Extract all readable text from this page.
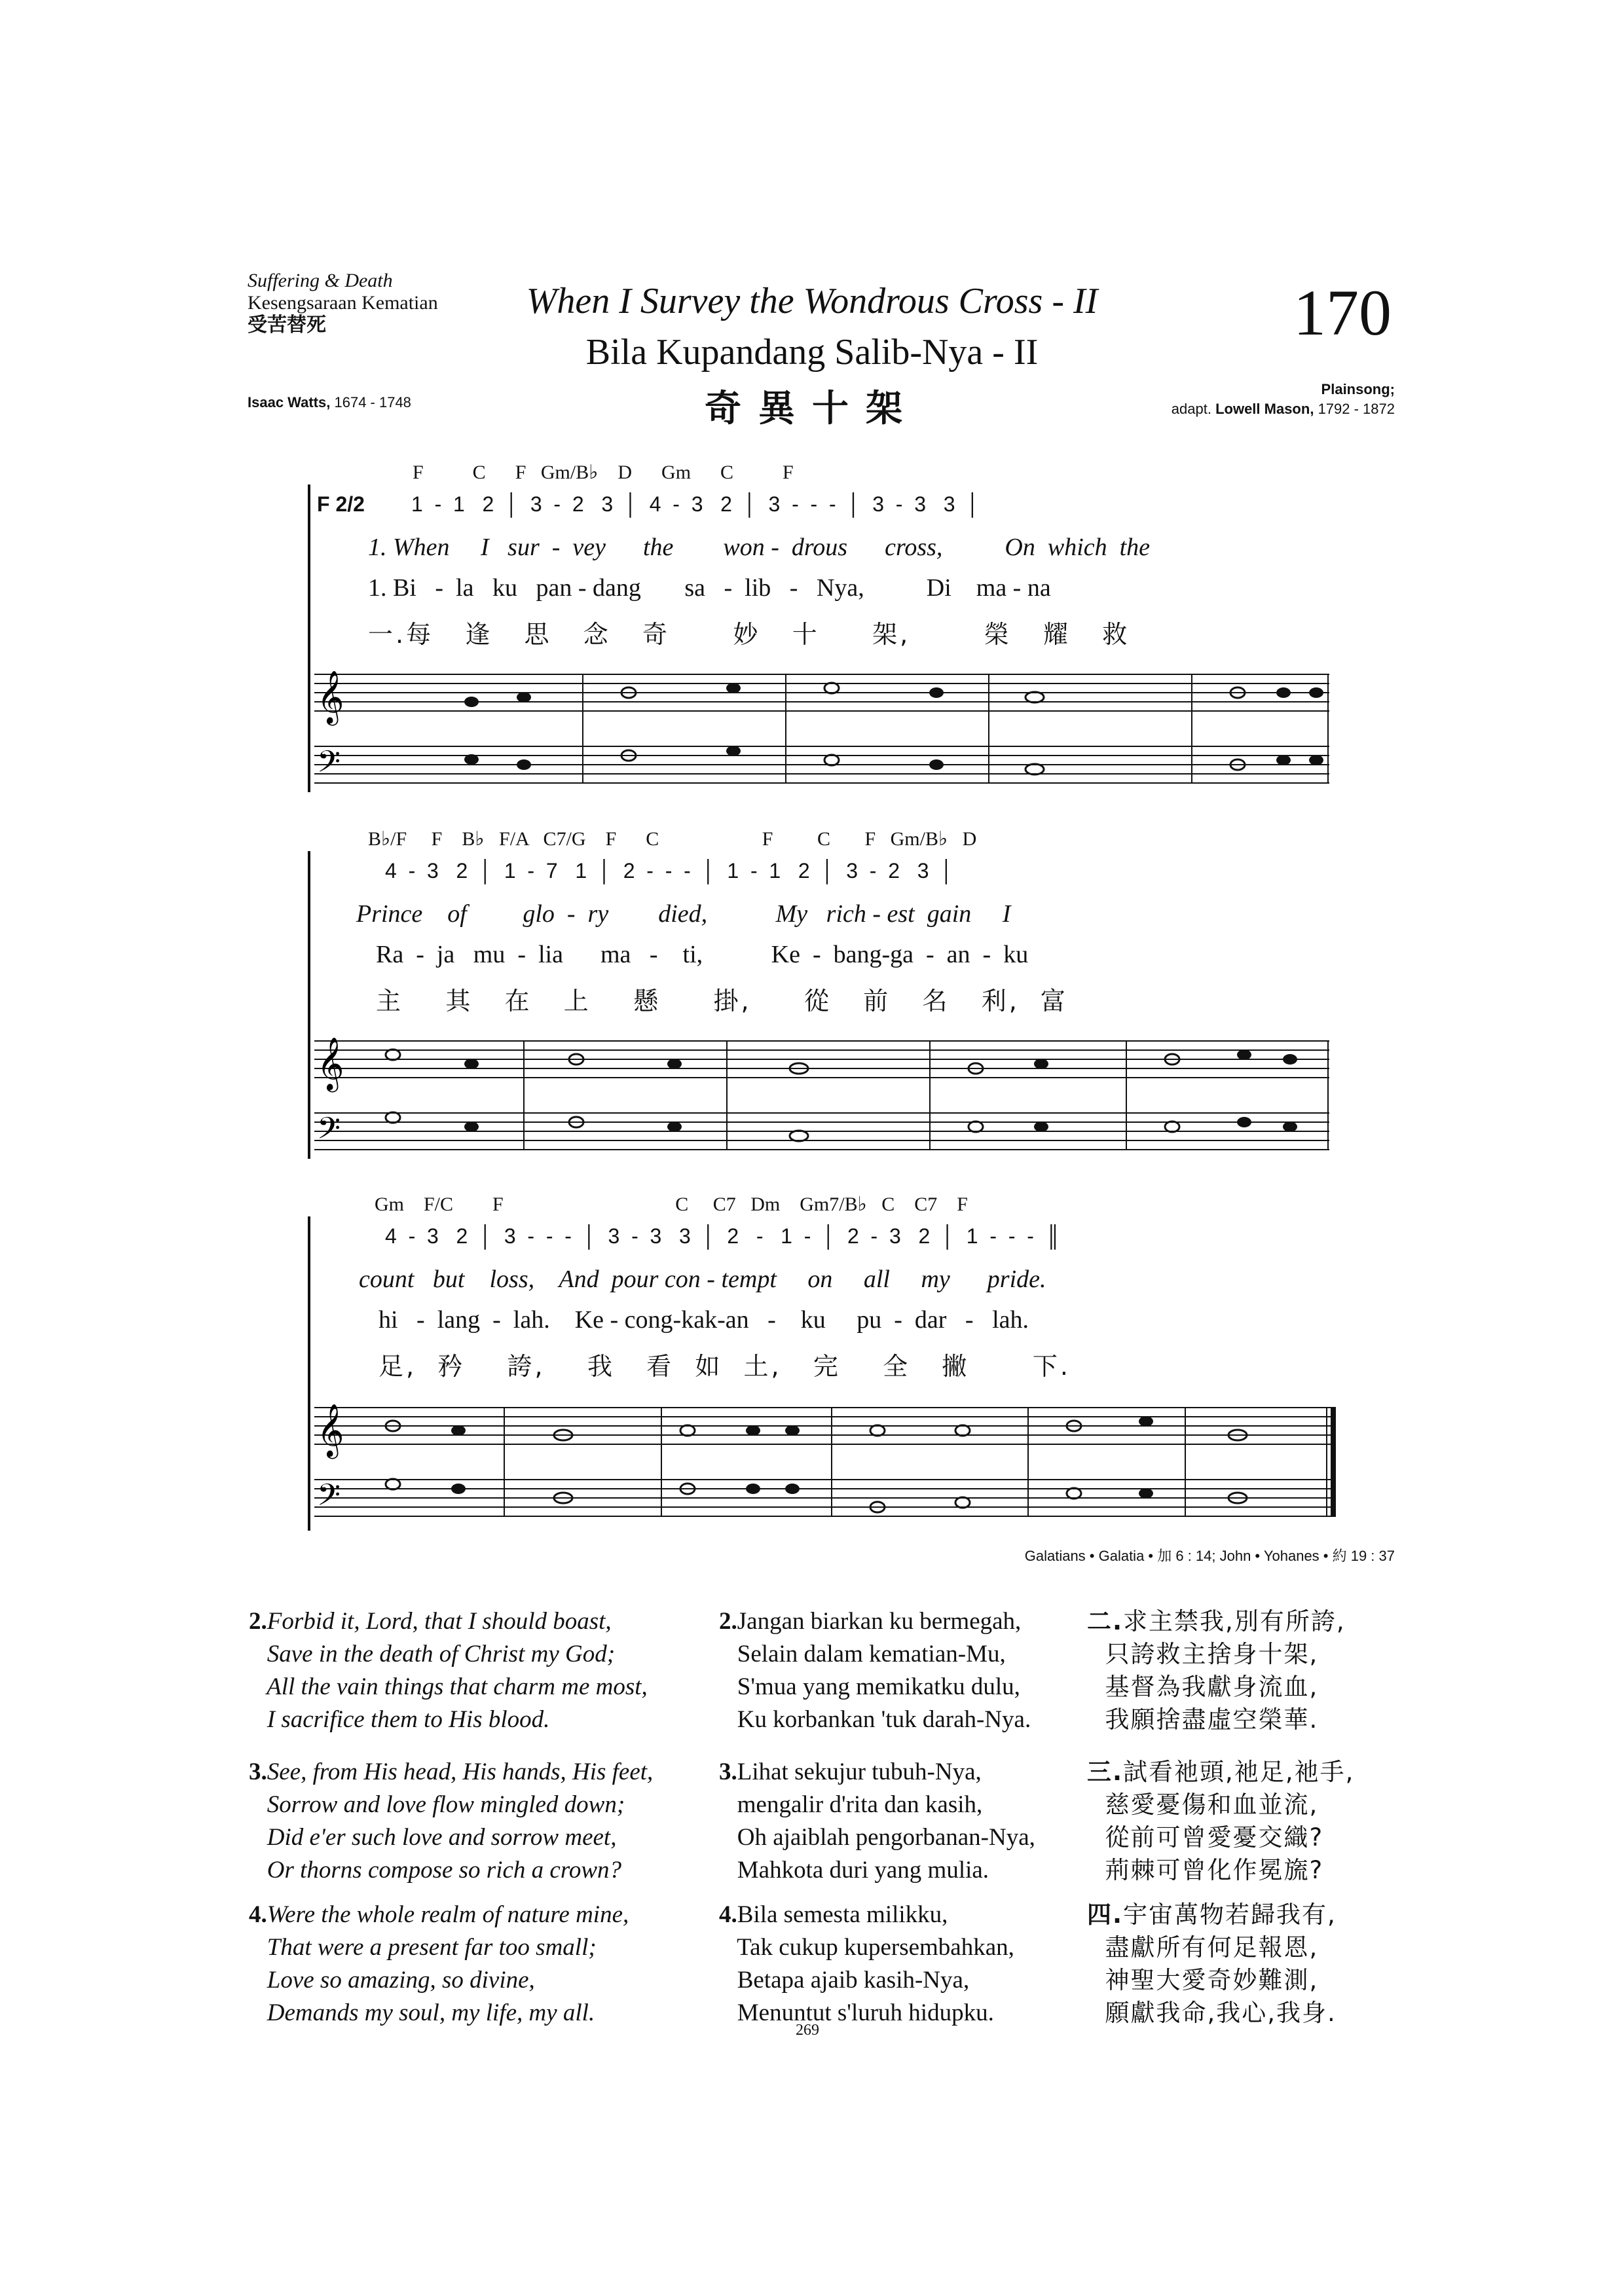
Suffering & Death
Kesengsaraan Kematian
受苦替死
When I Survey the Wondrous Cross - II
Bila Kupandang Salib-Nya - II
奇異十架
170
Isaac Watts, 1674 - 1748
Plainsong;
adapt. Lowell Mason, 1792 - 1872
F          C      F   Gm/B♭    D      Gm      C          F
F 2/2 1  -  1   2  │  3  -  2   3  │  4  -  3   2  │  3  -  -  -  │  3  -  3   3  │
1. When     I   sur  -  vey      the        won -  drous      cross,          On  which  the
1. Bi   -  la   ku   pan - dang       sa   -  lib   -   Nya,          Di    ma - na
一.每   逢   思   念   奇      妙   十     架,       榮   耀   救
𝄞
𝄢
B♭/F     F    B♭   F/A   C7/G    F      C                     F         C       F   Gm/B♭   D
4  -  3   2  │  1  -  7   1  │  2  -  -  -  │  1  -  1   2  │  3  -  2   3  │
Prince    of         glo  -  ry        died,           My   rich - est  gain     I
Ra  -  ja   mu  -  lia      ma   -    ti,           Ke  -  bang-ga  -  an  -  ku
主    其   在   上    懸     掛,     從   前   名   利,  富
𝄞
𝄢
Gm    F/C        F                                   C     C7   Dm    Gm7/B♭   C    C7    F
4  -  3   2  │  3  -  -  -  │  3  -  3   3  │  2   -   1  -  │  2  -  3   2  │  1  -  -  -  ║
count   but    loss,    And  pour con - tempt     on     all     my      pride.
hi   -  lang  -  lah.    Ke - cong-kak-an   -    ku     pu  -  dar   -   lah.
足,  矜    誇,    我   看  如  土,   完    全   撇      下.
𝄞
𝄢
Galatians • Galatia • 加 6 : 14; John • Yohanes • 約 19 : 37
2.Forbid it, Lord, that I should boast,
Save in the death of Christ my God;
All the vain things that charm me most,
I sacrifice them to His blood.
3.See, from His head, His hands, His feet,
Sorrow and love flow mingled down;
Did e'er such love and sorrow meet,
Or thorns compose so rich a crown?
4.Were the whole realm of nature mine,
That were a present far too small;
Love so amazing, so divine,
Demands my soul, my life, my all.
2.Jangan biarkan ku bermegah,
Selain dalam kematian-Mu,
S'mua yang memikatku dulu,
Ku korbankan 'tuk darah-Nya.
3.Lihat sekujur tubuh-Nya,
mengalir d'rita dan kasih,
Oh ajaiblah pengorbanan-Nya,
Mahkota duri yang mulia.
4.Bila semesta milikku,
Tak cukup kupersembahkan,
Betapa ajaib kasih-Nya,
Menuntut s'luruh hidupku.
二.求主禁我,別有所誇,
只誇救主捨身十架,
基督為我獻身流血,
我願捨盡虛空榮華.
三.試看祂頭,祂足,祂手,
慈愛憂傷和血並流,
從前可曾愛憂交織?
荊棘可曾化作冕旒?
四.宇宙萬物若歸我有,
盡獻所有何足報恩,
神聖大愛奇妙難測,
願獻我命,我心,我身.
269
